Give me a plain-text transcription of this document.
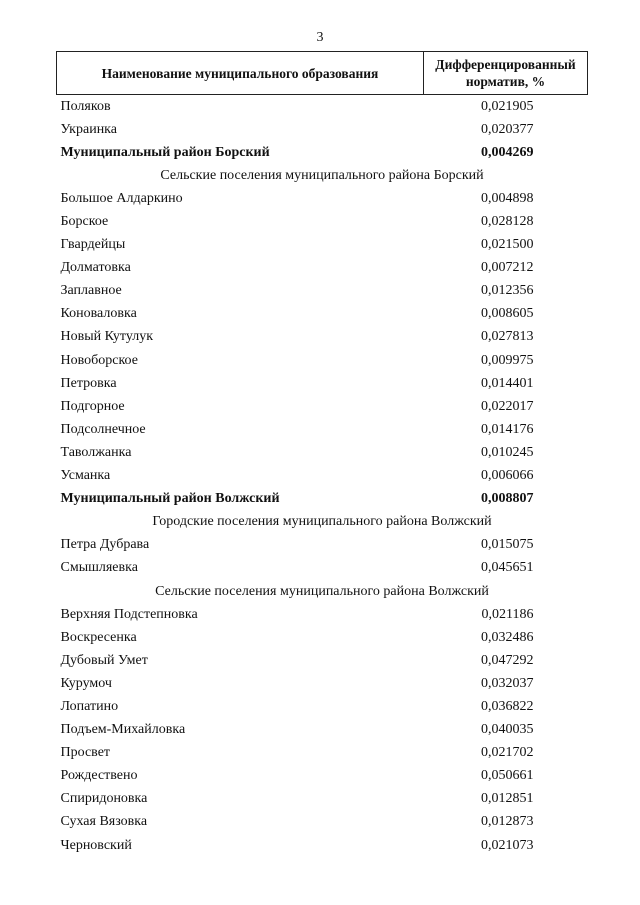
3
Наименование муниципального образования	Дифференцированный норматив, %
Поляков	0,021905
Украинка	0,020377
Муниципальный район Борский	0,004269
Сельские поселения муниципального района Борский	
Большое Алдаркино	0,004898
Борское	0,028128
Гвардейцы	0,021500
Долматовка	0,007212
Заплавное	0,012356
Коноваловка	0,008605
Новый Кутулук	0,027813
Новоборское	0,009975
Петровка	0,014401
Подгорное	0,022017
Подсолнечное	0,014176
Таволжанка	0,010245
Усманка	0,006066
Муниципальный район Волжский	0,008807
Городские поселения муниципального района Волжский	
Петра Дубрава	0,015075
Смышляевка	0,045651
Сельские поселения муниципального района Волжский	
Верхняя Подстепновка	0,021186
Воскресенка	0,032486
Дубовый Умет	0,047292
Курумоч	0,032037
Лопатино	0,036822
Подъем-Михайловка	0,040035
Просвет	0,021702
Рождествено	0,050661
Спиридоновка	0,012851
Сухая Вязовка	0,012873
Черновский	0,021073
